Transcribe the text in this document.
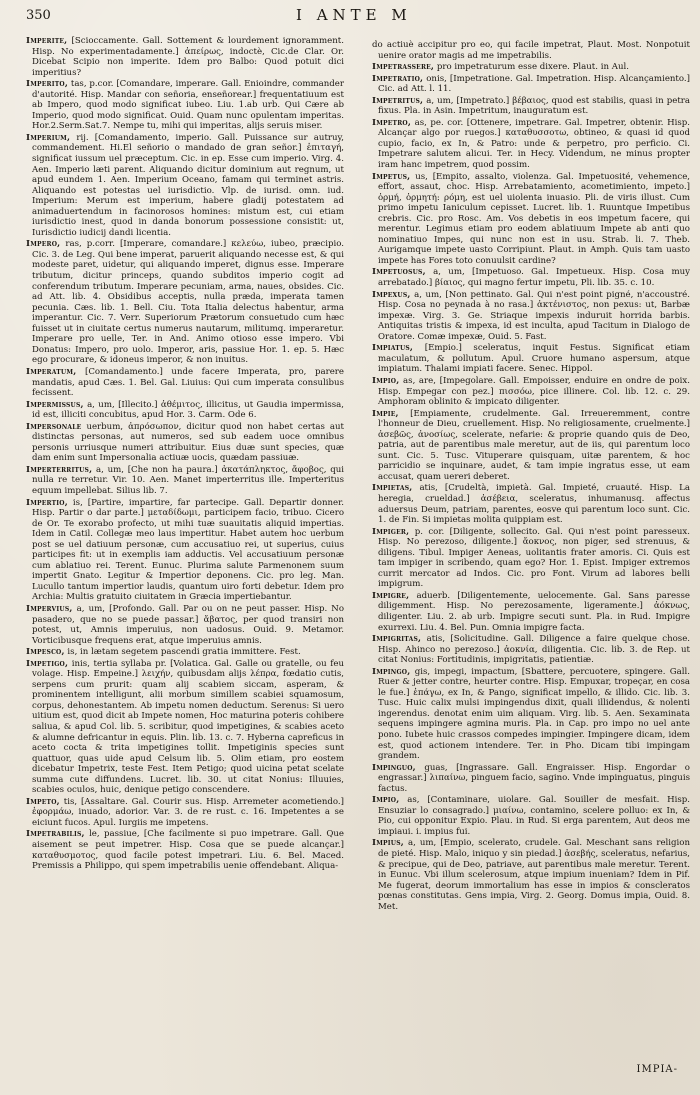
350	I ANTE M

Imperite, [Scioccamente. Gall. Sottement & lourdement ignoramment. Hisp. No experimentadamente.] ἀπείρως, indoctè, Cic.de Clar. Or. Dicebat Scipio non imperite. Idem pro Balbo: Quod potuit dici imperitius?

Imperito, tas, p.cor. [Comandare, imperare. Gall. Enioindre, commander d'autorité. Hisp. Mandar con señoria, enseñorear.] frequentatiuum est ab Impero, quod modo significat iubeo. Liu. 1.ab urb. Qui Cære ab Imperio, quod modo significat. Ouid. Quam nunc opulentam imperitas. Hor.2.Serm.Sat.7. Nempe tu, mihi qui imperitas, alijs seruis miser.

Imperium, rij. [Comandamento, imperio. Gall. Puissance sur autruy, commandement. Hi.El señorio o mandado de gran señor.] ἐπιταγή, significat iussum uel præceptum. Cic. in ep. Esse cum imperio. Virg. 4. Aen. Imperio læti parent. Aliquando dicitur dominium aut regnum, ut apud eundem 1. Aen. Imperium Oceano, famam qui terminet astris. Aliquando est potestas uel iurisdictio. Vlp. de iurisd. omn. iud. Imperium: Merum est imperium, habere gladij potestatem ad animaduertendum in facinorosos homines: mistum est, cui etiam iurisdictio inest, quod in danda bonorum possessione consistit: ut, Iurisdictio iudicij dandi licentia.

Impero, ras, p.corr. [Imperare, comandare.] κελεύω, iubeo, præcipio. Cic. 3. de Leg. Qui bene imperat, paruerit aliquando necesse est, & qui modeste paret, uidetur, qui aliquando imperet, dignus esse. Imperare tributum, dicitur princeps, quando subditos imperio cogit ad conferendum tributum. Imperare pecuniam, arma, naues, obsides. Cic. ad Att. lib. 4. Obsidibus acceptis, nulla præda, imperata tamen pecunia. Cæs. lib. 1. Bell. Ciu. Tota Italia delectus habentur, arma imperantur. Cic. 7. Verr. Superiorum Prætorum consuetudo cum hæc fuisset ut in ciuitate certus numerus nautarum, militumq. imperaretur. Imperare pro uelle, Ter. in And. Animo otioso esse impero. Vbi Donatus: Impero, pro uolo. Imperor, aris, passiue Hor. 1. ep. 5. Hæc ego procurare, & idoneus imperor, & non inuitus.

Imperatum, [Comandamento.] unde facere Imperata, pro, parere mandatis, apud Cæs. 1. Bel. Gal. Liuius: Qui cum imperata consulibus fecissent.

Impermissus, a, um, [Illecito.] ἀθέμιτος, illicitus, ut Gaudia impermissa, id est, illiciti concubitus, apud Hor. 3. Carm. Ode 6.

Impersonale uerbum, ἀπρόσωπον, dicitur quod non habet certas aut distinctas personas, aut numeros, sed sub eadem uoce omnibus personis urriusque numeri attribuitur. Eius duæ sunt species, quæ dam enim sunt Impersonalia actiuæ uocis, quædam passiuæ.

Imperterritus, a, um, [Che non ha paura.] ἀκατάπληκτος, ἄφοβος, qui nulla re terretur. Vir. 10. Aen. Manet imperterritus ille. Imperteritus equum impellebat. Silius lib. 7.

Impertio, is, [Partire, impartire, far partecipe. Gall. Departir donner. Hisp. Partir o dar parte.] μεταδίδωμι, participem facio, tribuo. Cicero de Or. Te exorabo profecto, ut mihi tuæ suauitatis aliquid impertias. Idem in Catil. Collegæ meo laus impertitur. Habet autem hoc uerbum post se uel datiuum personæ, cum accusatiuo rei, ut superius, cuius participes fit: ut in exemplis iam adductis. Vel accusatiuum personæ cum ablatiuo rei. Terent. Eunuc. Plurima salute Parmenonem suum impertit Gnato. Legitur & Impertior deponens. Cic. pro leg. Man. Lucullo tantum impertior laudis, quantum uiro forti debetur. Idem pro Archia: Multis gratuito ciuitatem in Græcia impertiebantur.

Impervius, a, um, [Profondo. Gall. Par ou on ne peut passer. Hisp. No pasadero, que no se puede passar.] ἄβατος, per quod transiri non potest, ut, Amnis imperuius, non uadosus. Ouid. 9. Metamor. Vorticibusque frequens erat, atque imperuius amnis.

Impesco, is, in lætam segetem pascendi gratia immittere. Fest.

Impetigo, inis, tertia syllaba pr. [Volatica. Gal. Galle ou gratelle, ou feu volage. Hisp. Empeine.] λειχήν, quibusdam alijs λέπρα, fœdatio cutis, serpens cum prurit: quam alij scabiem siccam, asperam, & prominentem intelligunt, alii morbum simillem scabiei squamosum, corpus, dehonestantem. Ab impetu nomen deductum. Serenus: Si uero uitium est, quod dicit ab Impete nomen, Hoc maturina poteris cohibere saliua, & apud Col. lib. 5. scribitur, quod impetigines, & scabies aceto & alumne defricantur in equis. Plin. lib. 13. c. 7. Hyberna capreficus in aceto cocta & trita impetigines tollit. Impetiginis species sunt quattuor, quas uide apud Celsum lib. 5. Olim etiam, pro eostem dicebatur Impetrix, teste Fest. Item Petigo; quod uicina petat scelate summa cute diffundens. Lucret. lib. 30. ut citat Nonius: Illuuies, scabies oculos, huic, denique petigo conscendere.

Impeto, tis, [Assaltare. Gal. Courir sus. Hisp. Arremeter acometiendo.] ἐφορμάω, inuado, adorior. Var. 3. de re rust. c. 16. Impetentes a se eiciunt fucos. Apul. Iurgiis me impetens.

Impetrabilis, le, passiue, [Che facilmente si puo impetrare. Gall. Que aisement se peut impetrer. Hisp. Cosa que se puede alcançar.] καταθυσμοτος, quod facile potest impetrari. Liu. 6. Bel. Maced. Premissis a Philippo, qui spem impetrabilis uenie offendebant. Aliqua-

do actiuè accipitur pro eo, qui facile impetrat, Plaut. Most. Nonpotuit uenire orator magis ad me impetrabilis.

Impetrassere, pro impetraturum esse dixere. Plaut. in Aul.

Impetratio, onis, [Impetratione. Gal. Impetration. Hisp. Alcançamiento.] Cic. ad Att. l. 11.

Impetritus, a, um, [Impetrato.] βέβαιος, quod est stabilis, quasi in petra fixus. Pla. in Asin. Impetritum, inauguratum est.

Impetro, as, pe. cor. [Ottenere, impetrare. Gal. Impetrer, obtenir. Hisp. Alcançar algo por ruegos.] καταθυσσοτω, obtineo, & quasi id quod cupio, facio, ex In, & Patro: unde & perpetro, pro perficio. Ci. Impetrare salutem alicui. Ter. in Hecy. Videndum, ne minus propter iram hanc impetrem, quod possim.

Impetus, us, [Empito, assalto, violenza. Gal. Impetuosité, vehemence, effort, assaut, choc. Hisp. Arrebatamiento, acometimiento, impeto.] ὁρμή, ὁρμητή: ρόμη, est uel uiolenta inuasio. Pli. de viris illust. Cum primo impetu Ianiculum cepisset. Lucret. lib. 1. Ruuntque Impetibus crebris. Cic. pro Rosc. Am. Vos debetis in eos impetum facere, qui merentur. Legimus etiam pro eodem ablatiuum Impete ab anti quo nominatiuo Impes, qui nunc non est in usu. Strab. li. 7. Theb. Aurigamque impete uasto Corripiunt. Plaut. in Amph. Quis tam uasto impete has Fores toto conuulsit cardine?

Impetuosus, a, um, [Impetuoso. Gal. Impetueux. Hisp. Cosa muy arrebatado.] βίαιος, qui magno fertur impetu, Pli. lib. 35. c. 10.

Impexus, a, um, [Non pettinato. Gal. Qui n'est point pigné, n'accoustré. Hisp. Cosa no peynada à no rasa.] ἀκτένιστος, non pexus: ut, Barbæ impexæ. Virg. 3. Ge. Striaque impexis induruit horrida barbis. Antiquitas tristis & impexa, id est inculta, apud Tacitum in Dialogo de Oratore. Comæ impexæ, Ouid. 5. Fast.

Impiatus, [Empio.] sceleratus, inquit Festus. Significat etiam maculatum, & pollutum. Apul. Cruore humano aspersum, atque impiatum. Thalami impiati facere. Senec. Hippol.

Impio, as, are, [Impegolare. Gall. Empoisser, enduire en ondre de poix. Hisp. Empegar con pez.] πισσόω, pice illinere. Col. lib. 12. c. 29. Amphoram oblinito & impicato diligenter.

Impie, [Empiamente, crudelmente. Gal. Irreueremment, contre l'honneur de Dieu, cruellement. Hisp. No religiosamente, cruelmente.] ἀσεβῶς, ἀνοσίως, scelerate, nefarie: & proprie quando quis de Deo, patria, aut de parentibus male meretur, aut de iis, qui parentum loco sunt. Cic. 5. Tusc. Vituperare quisquam, uitæ parentem, & hoc parricidio se inquinare, audet, & tam impie ingratus esse, ut eam accusat, quam uereri deberet.

Impietas, atis, [Crudeltà, impietà. Gal. Impieté, cruauté. Hisp. La heregia, crueldad.] ἀσέβεια, sceleratus, inhumanusq. affectus aduersus Deum, patriam, parentes, eosve qui parentum loco sunt. Cic. 1. de Fin. Si impietas molita quippiam est.

Impiger, p. cor. [Diligente, sollecito. Gal. Qui n'est point paresseux. Hisp. No perezoso, diligente.] ἄοκνος, non piger, sed strenuus, & diligens. Tibul. Impiger Aeneas, uolitantis frater amoris. Ci. Quis est tam impiger in scribendo, quam ego? Hor. 1. Epist. Impiger extremos currit mercator ad Indos. Cic. pro Font. Virum ad labores belli impigrum.

Impigre, aduerb. [Diligentemente, uelocemente. Gal. Sans paresse diligemment. Hisp. No perezosamente, ligeramente.] ἀόκνως, diligenter. Liu. 2. ab urb. Impigre secuti sunt. Pla. in Rud. Impigre exurrexi. Liu. 4. Bel. Pun. Omnia impigre facta.

Impigritas, atis, [Solicitudine. Gall. Diligence a faire quelque chose. Hisp. Ahinco no perezoso.] ἀοκνία, diligentia. Cic. lib. 3. de Rep. ut citat Nonius: Fortitudinis, impigritatis, patientiæ.

Impingo, gis, impegi, impactum, [Sbattere, percuotere, spingere. Gall. Ruer & jetter contre, heurter contre. Hisp. Empuxar, tropeçar, en cosa le fue.] ἐπάγω, ex In, & Pango, significat impello, & illido. Cic. lib. 3. Tusc. Huic calix mulsi impingendus dixit, quali illidendus, & nolenti ingerendus. denotat enim uim aliquam. Virg. lib. 5. Aen. Sexaminata sequens impingere agmina muris. Pla. in Cap. pro impo no uel ante pono. Iubete huic crassos compedes impingier. Impingere dicam, idem est, quod actionem intendere. Ter. in Pho. Dicam tibi impingam grandem.

Impinguo, guas, [Ingrassare. Gall. Engraisser. Hisp. Engordar o engrassar.] λιπαίνω, pinguem facio, sagino. Vnde impinguatus, pinguis factus.

Impio, as, [Contaminare, uiolare. Gal. Souiller de mesfait. Hisp. Ensuziar lo consagrado.] μιαίνω, contamino, scelere polluo: ex In, & Pio, cui opponitur Expio. Plau. in Rud. Si erga parentem, Aut deos me impiaui. i. impius fui.

Impius, a, um, [Empio, scelerato, crudele. Gal. Meschant sans religion de pieté. Hisp. Malo, iniquo y sin piedad.] ἀσεβής, sceleratus, nefarius, & precipue, qui de Deo, patriave, aut parentibus male meretur. Terent. in Eunuc. Vbi illum scelerosum, atque impium inueniam? Idem in Pif. Me fugerat, deorum immortalium has esse in impios & conscleratos pœnas constitutas. Gens impia, Virg. 2. Georg. Domus impia, Ouid. 8. Met.

IMPIA-
